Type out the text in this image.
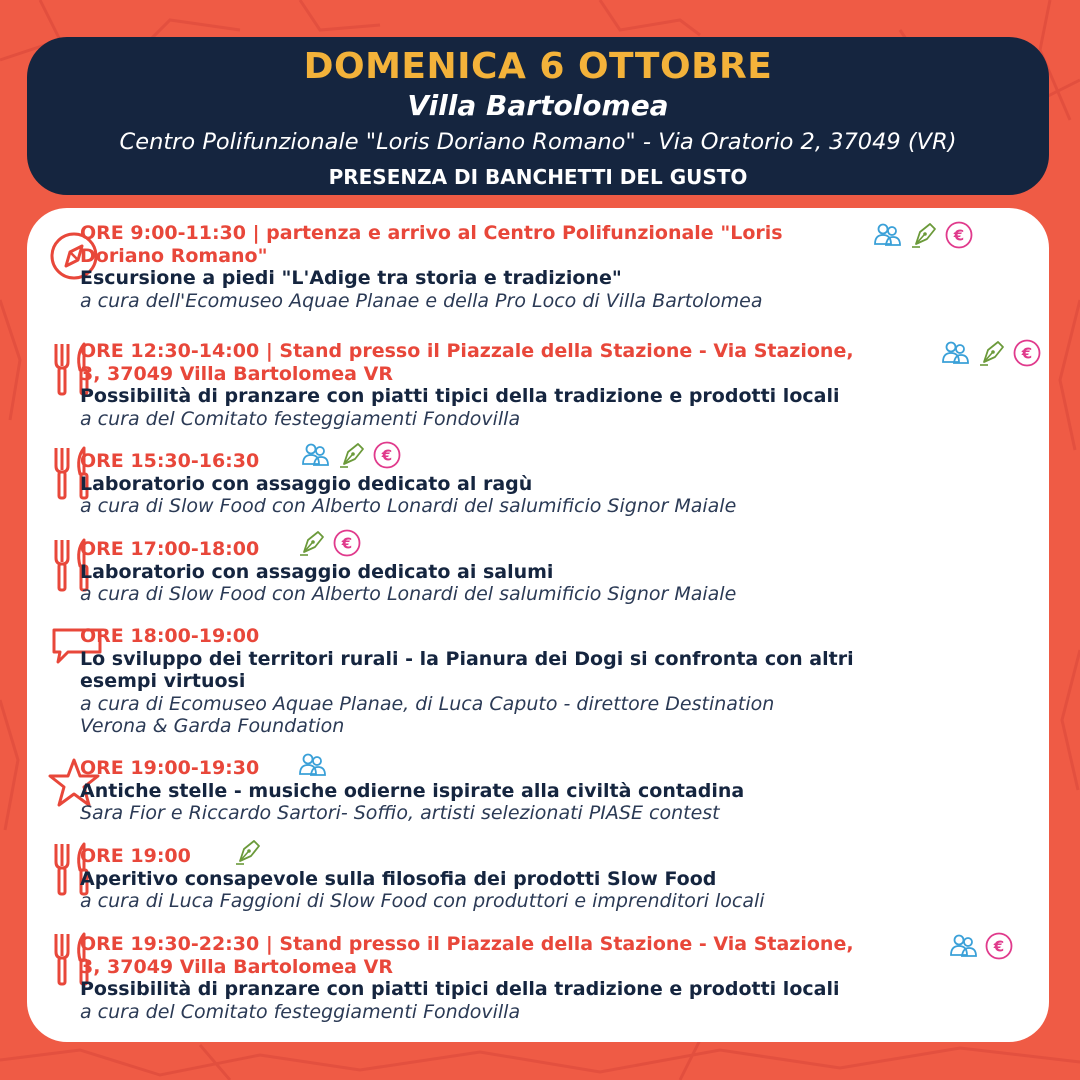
DOMENICA 6 OTTOBRE
Villa Bartolomea
Centro Polifunzionale "Loris Doriano Romano" - Via Oratorio 2, 37049 (VR)
PRESENZA DI BANCHETTI DEL GUSTO
ORE 9:00-11:30 | partenza e arrivo al Centro Polifunzionale "Loris
Doriano Romano"
Escursione a piedi "L'Adige tra storia e tradizione"
a cura dell'Ecomuseo Aquae Planae e della Pro Loco di Villa Bartolomea
ORE 12:30-14:00 | Stand presso il Piazzale della Stazione - Via Stazione,
3, 37049 Villa Bartolomea VR
Possibilità di pranzare con piatti tipici della tradizione e prodotti locali
a cura del Comitato festeggiamenti Fondovilla
ORE 15:30-16:30
Laboratorio con assaggio dedicato al ragù
a cura di Slow Food con Alberto Lonardi del salumificio Signor Maiale
ORE 17:00-18:00
Laboratorio con assaggio dedicato ai salumi
a cura di Slow Food con Alberto Lonardi del salumificio Signor Maiale
ORE 18:00-19:00
Lo sviluppo dei territori rurali - la Pianura dei Dogi si confronta con altri
esempi virtuosi
a cura di Ecomuseo Aquae Planae, di Luca Caputo - direttore Destination
Verona & Garda Foundation
ORE 19:00-19:30
Antiche stelle - musiche odierne ispirate alla civiltà contadina
Sara Fior e Riccardo Sartori- Soffio, artisti selezionati PIASE contest
ORE 19:00
Aperitivo consapevole sulla filosofia dei prodotti Slow Food
a cura di Luca Faggioni di Slow Food con produttori e imprenditori locali
ORE 19:30-22:30 | Stand presso il Piazzale della Stazione - Via Stazione,
3, 37049 Villa Bartolomea VR
Possibilità di pranzare con piatti tipici della tradizione e prodotti locali
a cura del Comitato festeggiamenti Fondovilla
